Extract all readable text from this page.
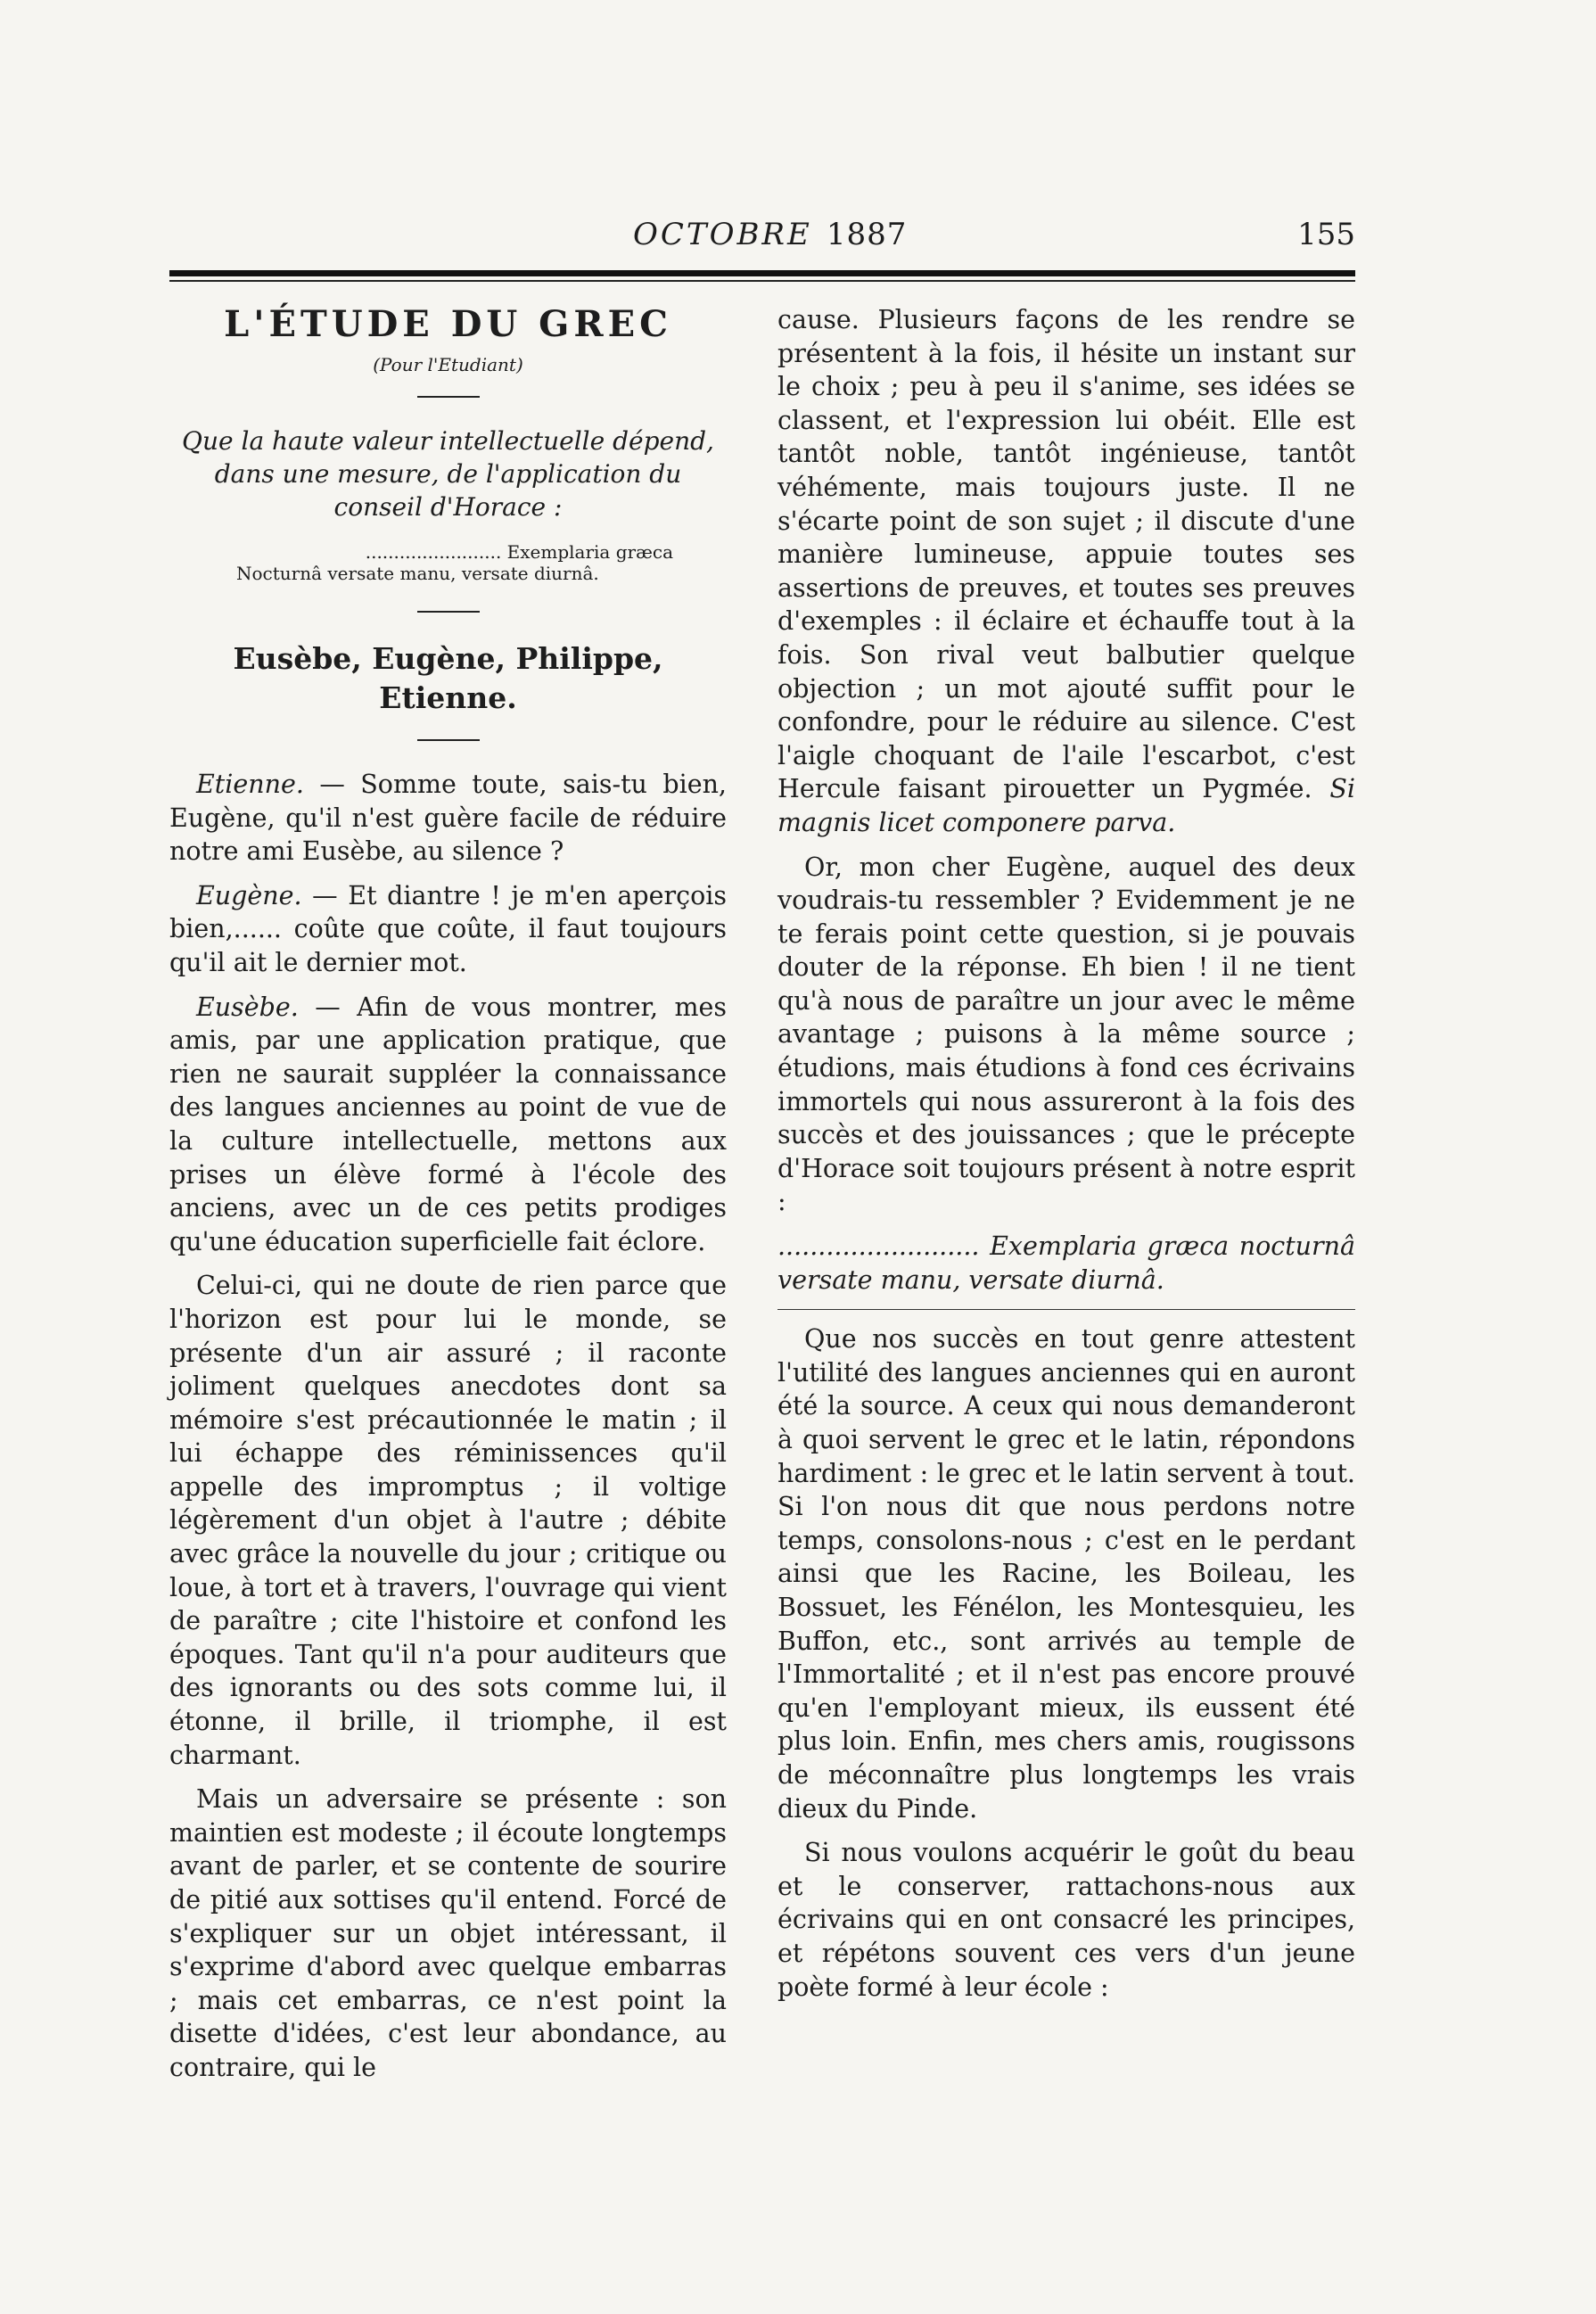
OCTOBRE 1887	155
L'ÉTUDE DU GREC
(Pour l'Etudiant)
Que la haute valeur intellectuelle dépend, dans une mesure, de l'application du conseil d'Horace :

........................ Exemplaria græca

Nocturnâ versate manu, versate diurnâ.

Eusèbe, Eugène, Philippe, Etienne.

Etienne. — Somme toute, sais-tu bien, Eugène, qu'il n'est guère facile de réduire notre ami Eusèbe, au silence ?

Eugène. — Et diantre ! je m'en aperçois bien,...... coûte que coûte, il faut toujours qu'il ait le dernier mot.

Eusèbe. — Afin de vous montrer, mes amis, par une application pratique, que rien ne saurait suppléer la connaissance des langues anciennes au point de vue de la culture intellectuelle, mettons aux prises un élève formé à l'école des anciens, avec un de ces petits prodiges qu'une éducation superficielle fait éclore.

Celui-ci, qui ne doute de rien parce que l'horizon est pour lui le monde, se présente d'un air assuré ; il raconte joliment quelques anecdotes dont sa mémoire s'est précautionnée le matin ; il lui échappe des réminissences qu'il appelle des impromptus ; il voltige légèrement d'un objet à l'autre ; débite avec grâce la nouvelle du jour ; critique ou loue, à tort et à travers, l'ouvrage qui vient de paraître ; cite l'histoire et confond les époques. Tant qu'il n'a pour auditeurs que des ignorants ou des sots comme lui, il étonne, il brille, il triomphe, il est charmant.

Mais un adversaire se présente : son maintien est modeste ; il écoute longtemps avant de parler, et se contente de sourire de pitié aux sottises qu'il entend. Forcé de s'expliquer sur un objet intéressant, il s'exprime d'abord avec quelque embarras ; mais cet embarras, ce n'est point la disette d'idées, c'est leur abondance, au contraire, qui le

cause. Plusieurs façons de les rendre se présentent à la fois, il hésite un instant sur le choix ; peu à peu il s'anime, ses idées se classent, et l'expression lui obéit. Elle est tantôt noble, tantôt ingénieuse, tantôt véhémente, mais toujours juste. Il ne s'écarte point de son sujet ; il discute d'une manière lumineuse, appuie toutes ses assertions de preuves, et toutes ses preuves d'exemples : il éclaire et échauffe tout à la fois. Son rival veut balbutier quelque objection ; un mot ajouté suffit pour le confondre, pour le réduire au silence. C'est l'aigle choquant de l'aile l'escarbot, c'est Hercule faisant pirouetter un Pygmée. Si magnis licet componere parva.

Or, mon cher Eugène, auquel des deux voudrais-tu ressembler ? Evidemment je ne te ferais point cette question, si je pouvais douter de la réponse. Eh bien ! il ne tient qu'à nous de paraître un jour avec le même avantage ; puisons à la même source ; étudions, mais étudions à fond ces écrivains immortels qui nous assureront à la fois des succès et des jouissances ; que le précepte d'Horace soit toujours présent à notre esprit :

......................... Exemplaria græca nocturnâ versate manu, versate diurnâ.

Que nos succès en tout genre attestent l'utilité des langues anciennes qui en auront été la source. A ceux qui nous demanderont à quoi servent le grec et le latin, répondons hardiment : le grec et le latin servent à tout. Si l'on nous dit que nous perdons notre temps, consolons-nous ; c'est en le perdant ainsi que les Racine, les Boileau, les Bossuet, les Fénélon, les Montesquieu, les Buffon, etc., sont arrivés au temple de l'Immortalité ; et il n'est pas encore prouvé qu'en l'employant mieux, ils eussent été plus loin. Enfin, mes chers amis, rougissons de méconnaître plus longtemps les vrais dieux du Pinde.

Si nous voulons acquérir le goût du beau et le conserver, rattachons-nous aux écrivains qui en ont consacré les principes, et répétons souvent ces vers d'un jeune poète formé à leur école :
